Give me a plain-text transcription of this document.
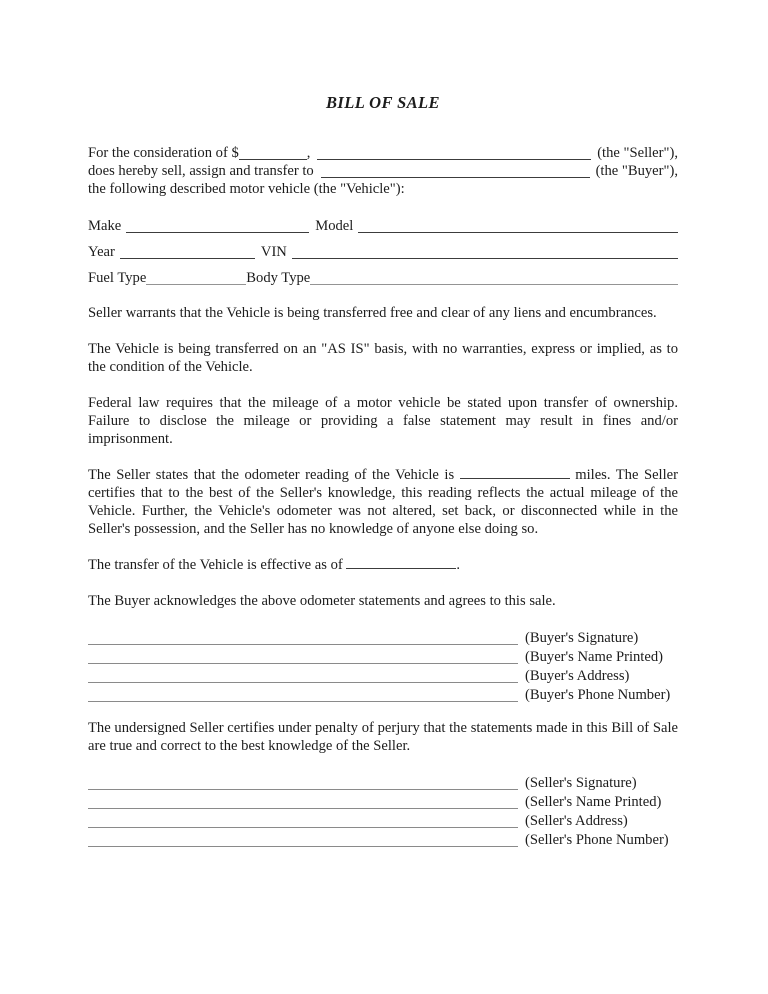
BILL OF SALE
For the consideration of $	,	(the "Seller"),
does hereby sell, assign and transfer to	(the "Buyer"),
the following described motor vehicle (the "Vehicle"):
Make	Model
Year	VIN
Fuel Type	Body Type

Seller warrants that the Vehicle is being transferred free and clear of any liens and encumbrances.

The Vehicle is being transferred on an "AS IS" basis, with no warranties, express or implied, as to the condition of the Vehicle.

Federal law requires that the mileage of a motor vehicle be stated upon transfer of ownership. Failure to disclose the mileage or providing a false statement may result in fines and/or imprisonment.

The Seller states that the odometer reading of the Vehicle is	miles. The Seller certifies that to the best of the Seller's knowledge, this reading reflects the actual mileage of the Vehicle. Further, the Vehicle's odometer was not altered, set back, or disconnected while in the Seller's possession, and the Seller has no knowledge of anyone else doing so.

The transfer of the Vehicle is effective as of	.

The Buyer acknowledges the above odometer statements and agrees to this sale.

(Buyer's Signature)
(Buyer's Name Printed)
(Buyer's Address)
(Buyer's Phone Number)

The undersigned Seller certifies under penalty of perjury that the statements made in this Bill of Sale are true and correct to the best knowledge of the Seller.

(Seller's Signature)
(Seller's Name Printed)
(Seller's Address)
(Seller's Phone Number)
